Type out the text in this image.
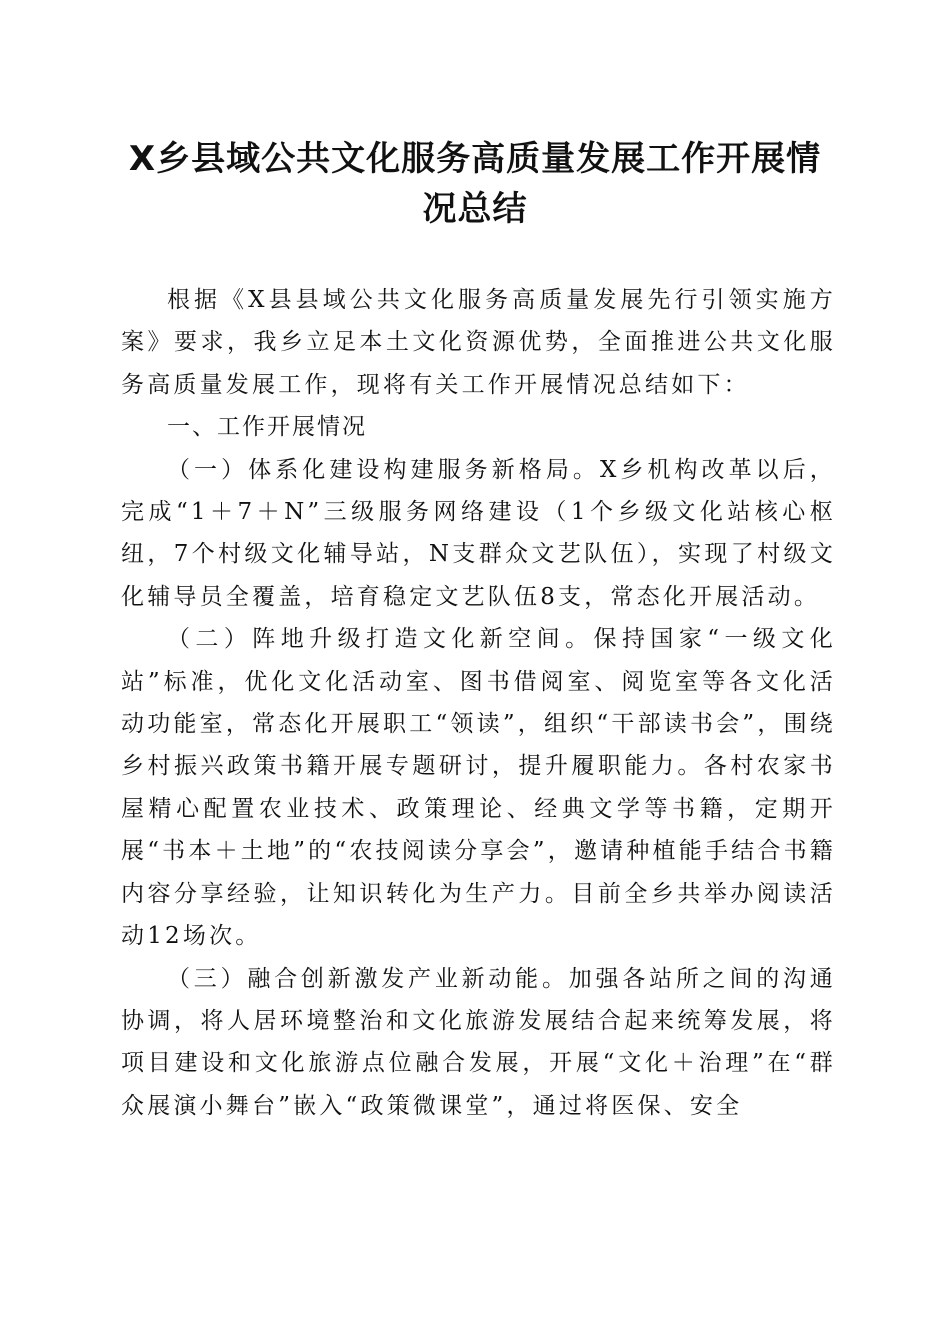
X乡县域公共文化服务高质量发展工作开展情
况总结

根据《X县县域公共文化服务高质量发展先行引领实施方案》要求，我乡立足本土文化资源优势，全面推进公共文化服务高质量发展工作，现将有关工作开展情况总结如下：

一、工作开展情况

（一）体系化建设构建服务新格局。X乡机构改革以后，完成“1＋7＋N”三级服务网络建设（1个乡级文化站核心枢纽，7个村级文化辅导站，N支群众文艺队伍），实现了村级文化辅导员全覆盖，培育稳定文艺队伍8支，常态化开展活动。

（二）阵地升级打造文化新空间。保持国家“一级文化站”标准，优化文化活动室、图书借阅室、阅览室等各文化活动功能室，常态化开展职工“领读”，组织“干部读书会”，围绕乡村振兴政策书籍开展专题研讨，提升履职能力。各村农家书屋精心配置农业技术、政策理论、经典文学等书籍，定期开展“书本＋土地”的“农技阅读分享会”，邀请种植能手结合书籍内容分享经验，让知识转化为生产力。目前全乡共举办阅读活动12场次。

（三）融合创新激发产业新动能。加强各站所之间的沟通协调，将人居环境整治和文化旅游发展结合起来统筹发展，将项目建设和文化旅游点位融合发展，开展“文化＋治理”在“群众展演小舞台”嵌入“政策微课堂”，通过将医保、安全
